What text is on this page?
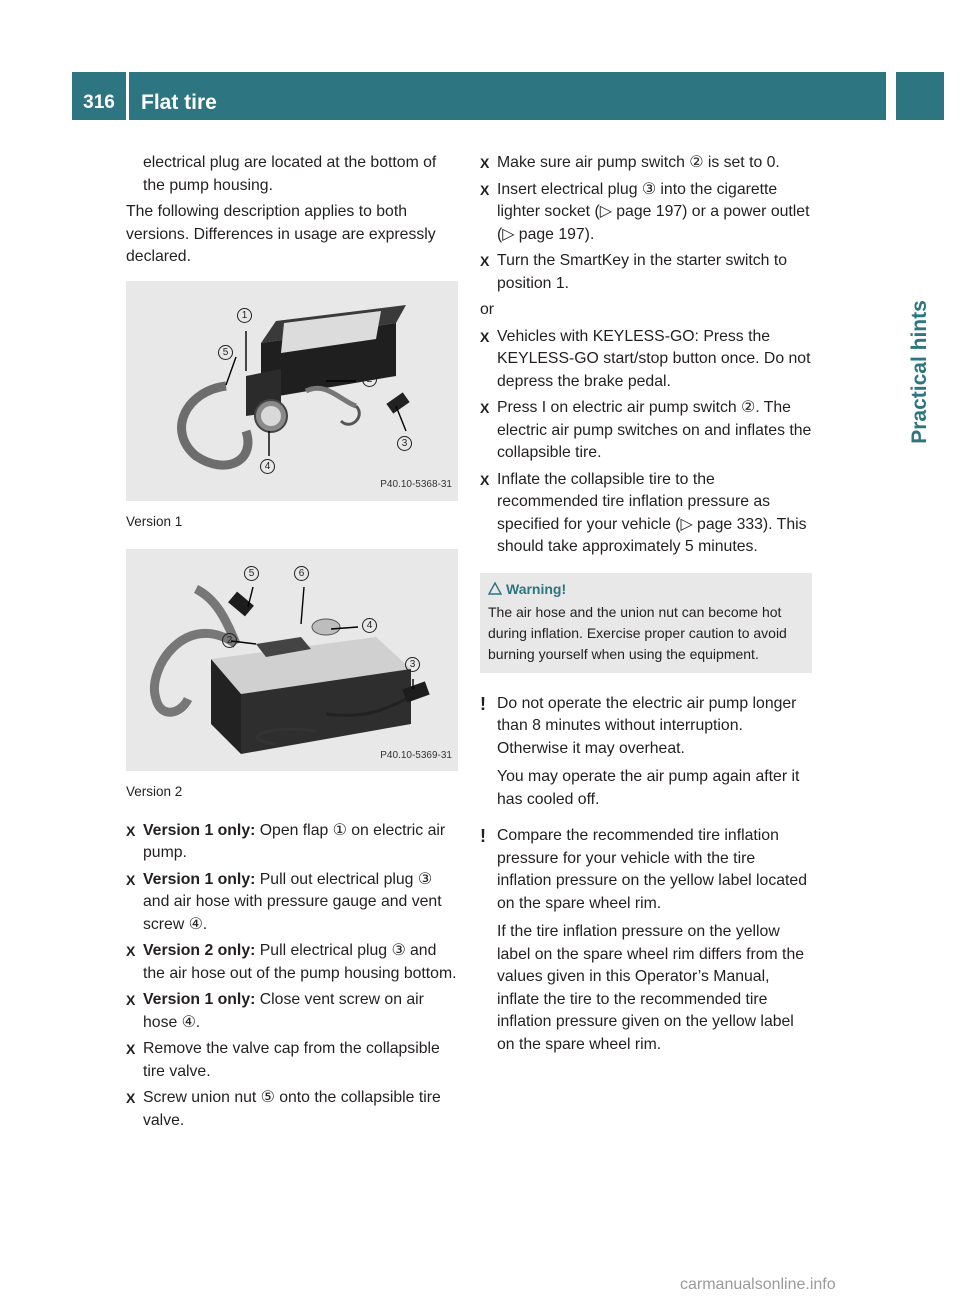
316	Flat tire
Practical hints

electrical plug are located at the bottom of the pump housing.

The following description applies to both versions. Differences in usage are expressly declared.

1
2
3
4
5
P40.10-5368-31

Version 1

2
3
4
5	6
P40.10-5369-31

Version 2

X Version 1 only: Open flap ① on electric air pump.
X Version 1 only: Pull out electrical plug ③ and air hose with pressure gauge and vent screw ④.
X Version 2 only: Pull electrical plug ③ and the air hose out of the pump housing bottom.
X Version 1 only: Close vent screw on air hose ④.
X Remove the valve cap from the collapsible tire valve.
X Screw union nut ⑤ onto the collapsible tire valve.
X Make sure air pump switch ② is set to 0.
X Insert electrical plug ③ into the cigarette lighter socket (▷ page 197) or a power outlet (▷ page 197).
X Turn the SmartKey in the starter switch to position 1.

or

X Vehicles with KEYLESS-GO: Press the KEYLESS-GO start/stop button once. Do not depress the brake pedal.
X Press I on electric air pump switch ②. The electric air pump switches on and inflates the collapsible tire.
X Inflate the collapsible tire to the recommended tire inflation pressure as specified for your vehicle (▷ page 333). This should take approximately 5 minutes.
Warning!
The air hose and the union nut can become hot during inflation. Exercise proper caution to avoid burning yourself when using the equipment.
! Do not operate the electric air pump longer than 8 minutes without interruption. Otherwise it may overheat.

You may operate the air pump again after it has cooled off.

! Compare the recommended tire inflation pressure for your vehicle with the tire inflation pressure on the yellow label located on the spare wheel rim.

If the tire inflation pressure on the yellow label on the spare wheel rim differs from the values given in this Operator’s Manual, inflate the tire to the recommended tire inflation pressure given on the yellow label on the spare wheel rim.

carmanualsonline.info
